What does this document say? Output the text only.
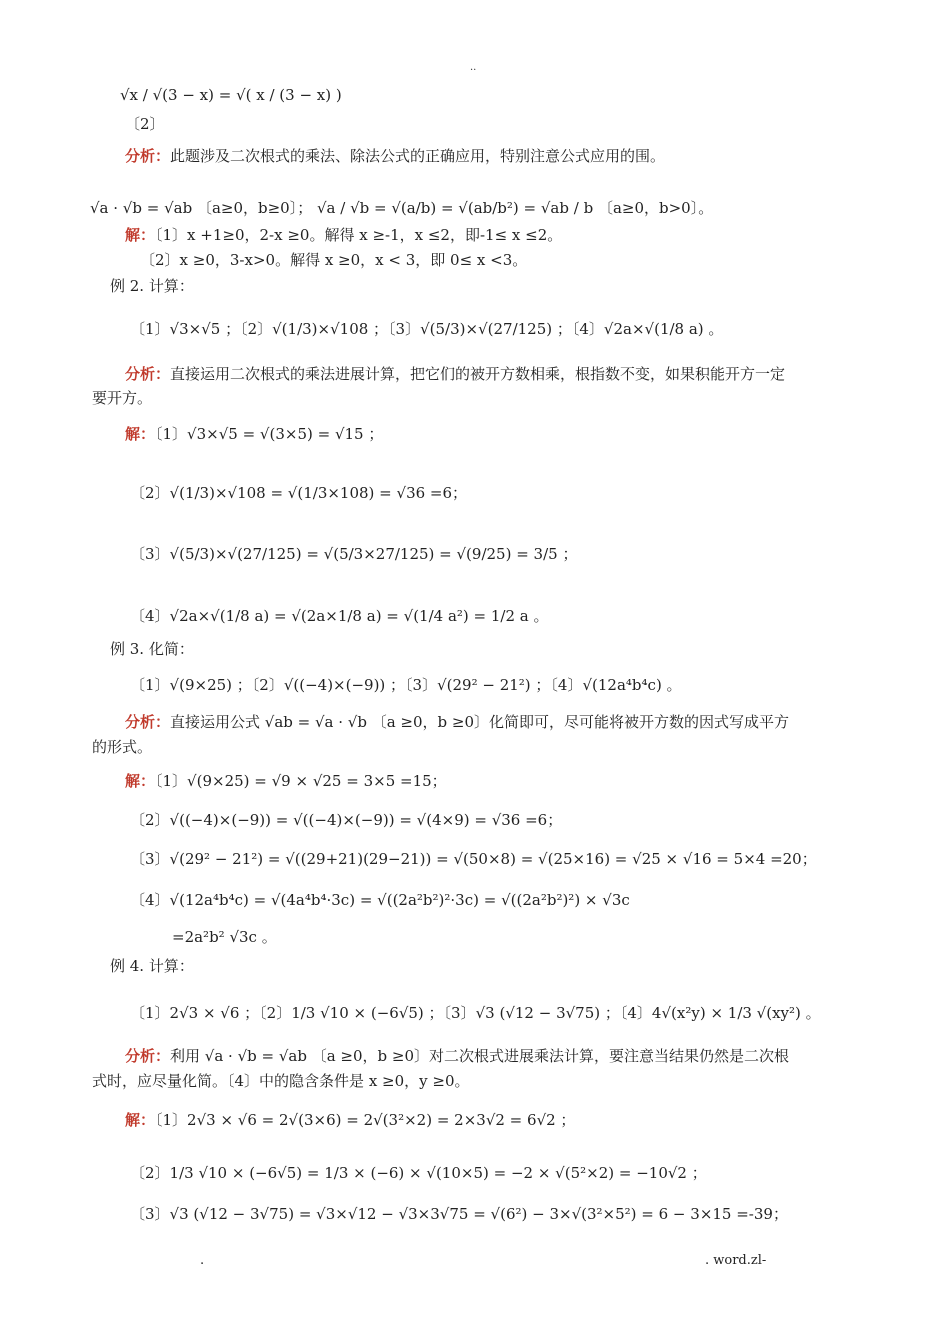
..
√x / √(3 − x) = √( x / (3 − x) )
〔2〕
分析：此题涉及二次根式的乘法、除法公式的正确应用，特别注意公式应用的围。
√a · √b = √ab 〔a≥0，b≥0〕； √a / √b = √(a/b) = √(ab/b²) = √ab / b 〔a≥0，b>0〕。
解：〔1〕x +1≥0，2-x ≥0。解得 x ≥-1，x ≤2，即-1≤ x ≤2。
〔2〕x ≥0，3-x>0。解得 x ≥0，x < 3，即 0≤ x <3。
例 2. 计算：
〔1〕√3×√5 ；〔2〕√(1/3)×√108 ；〔3〕√(5/3)×√(27/125) ；〔4〕√2a×√(1/8 a) 。
分析：直接运用二次根式的乘法进展计算，把它们的被开方数相乘，根指数不变，如果积能开方一定
要开方。
解：〔1〕√3×√5 = √(3×5) = √15 ；
〔2〕√(1/3)×√108 = √(1/3×108) = √36 =6；
〔3〕√(5/3)×√(27/125) = √(5/3×27/125) = √(9/25) = 3/5 ；
〔4〕√2a×√(1/8 a) = √(2a×1/8 a) = √(1/4 a²) = 1/2 a 。
例 3. 化简：
〔1〕√(9×25) ；〔2〕√((−4)×(−9)) ；〔3〕√(29² − 21²) ；〔4〕√(12a⁴b⁴c) 。
分析：直接运用公式 √ab = √a · √b 〔a ≥0，b ≥0〕化简即可，尽可能将被开方数的因式写成平方
的形式。
解：〔1〕√(9×25) = √9 × √25 = 3×5 =15；
〔2〕√((−4)×(−9)) = √((−4)×(−9)) = √(4×9) = √36 =6；
〔3〕√(29² − 21²) = √((29+21)(29−21)) = √(50×8) = √(25×16) = √25 × √16 = 5×4 =20；
〔4〕√(12a⁴b⁴c) = √(4a⁴b⁴·3c) = √((2a²b²)²·3c) = √((2a²b²)²) × √3c
=2a²b² √3c 。
例 4. 计算：
〔1〕2√3 × √6 ；〔2〕1/3 √10 × (−6√5) ；〔3〕√3 (√12 − 3√75) ；〔4〕4√(x²y) × 1/3 √(xy²) 。
分析：利用 √a · √b = √ab 〔a ≥0，b ≥0〕对二次根式进展乘法计算，要注意当结果仍然是二次根
式时，应尽量化简。〔4〕中的隐含条件是 x ≥0，y ≥0。
解：〔1〕2√3 × √6 = 2√(3×6) = 2√(3²×2) = 2×3√2 = 6√2 ；
〔2〕1/3 √10 × (−6√5) = 1/3 × (−6) × √(10×5) = −2 × √(5²×2) = −10√2 ；
〔3〕√3 (√12 − 3√75) = √3×√12 − √3×3√75 = √(6²) − 3×√(3²×5²) = 6 − 3×15 =-39；
.	. word.zl-
